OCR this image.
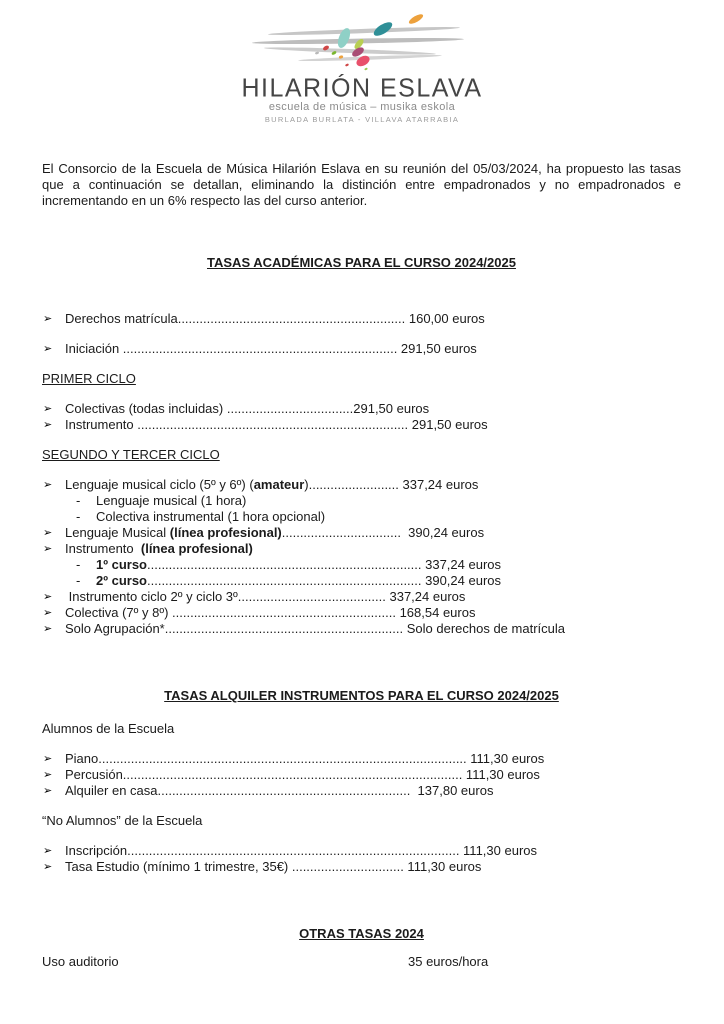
HILARIÓN ESLAVA
escuela de música – musika eskola
BURLADA BURLATA - VILLAVA ATARRABIA

El Consorcio de la Escuela de Música Hilarión Eslava en su reunión del 05/03/2024, ha propuesto las tasas que a continuación se detallan, eliminando la distinción entre empadronados y no empadronados e incrementando en un 6% respecto las del curso anterior.

TASAS ACADÉMICAS PARA EL CURSO 2024/2025
➢ Derechos matrícula............................................................... 160,00 euros
➢ Iniciación ............................................................................ 291,50 euros
PRIMER CICLO
➢ Colectivas (todas incluidas) ...................................291,50 euros
➢ Instrumento ........................................................................... 291,50 euros
SEGUNDO Y TERCER CICLO
➢ Lenguaje musical ciclo (5º y 6º) (amateur)......................... 337,24 euros
- Lenguaje musical (1 hora)
- Colectiva instrumental (1 hora opcional)
➢ Lenguaje Musical (línea profesional).................................  390,24 euros
➢ Instrumento  (línea profesional)
- 1º curso............................................................................ 337,24 euros
- 2º curso............................................................................ 390,24 euros
➢ Instrumento ciclo 2º y ciclo 3º......................................... 337,24 euros
➢ Colectiva (7º y 8º) .............................................................. 168,54 euros
➢ Solo Agrupación*.................................................................. Solo derechos de matrícula
TASAS ALQUILER INSTRUMENTOS PARA EL CURSO 2024/2025
Alumnos de la Escuela
➢ Piano...................................................................................................... 111,30 euros
➢ Percusión.............................................................................................. 111,30 euros
➢ Alquiler en casa......................................................................  137,80 euros
“No Alumnos” de la Escuela
➢ Inscripción............................................................................................ 111,30 euros
➢ Tasa Estudio (mínimo 1 trimestre, 35€) ............................... 111,30 euros
OTRAS TASAS 2024
Uso auditorio	35 euros/hora
